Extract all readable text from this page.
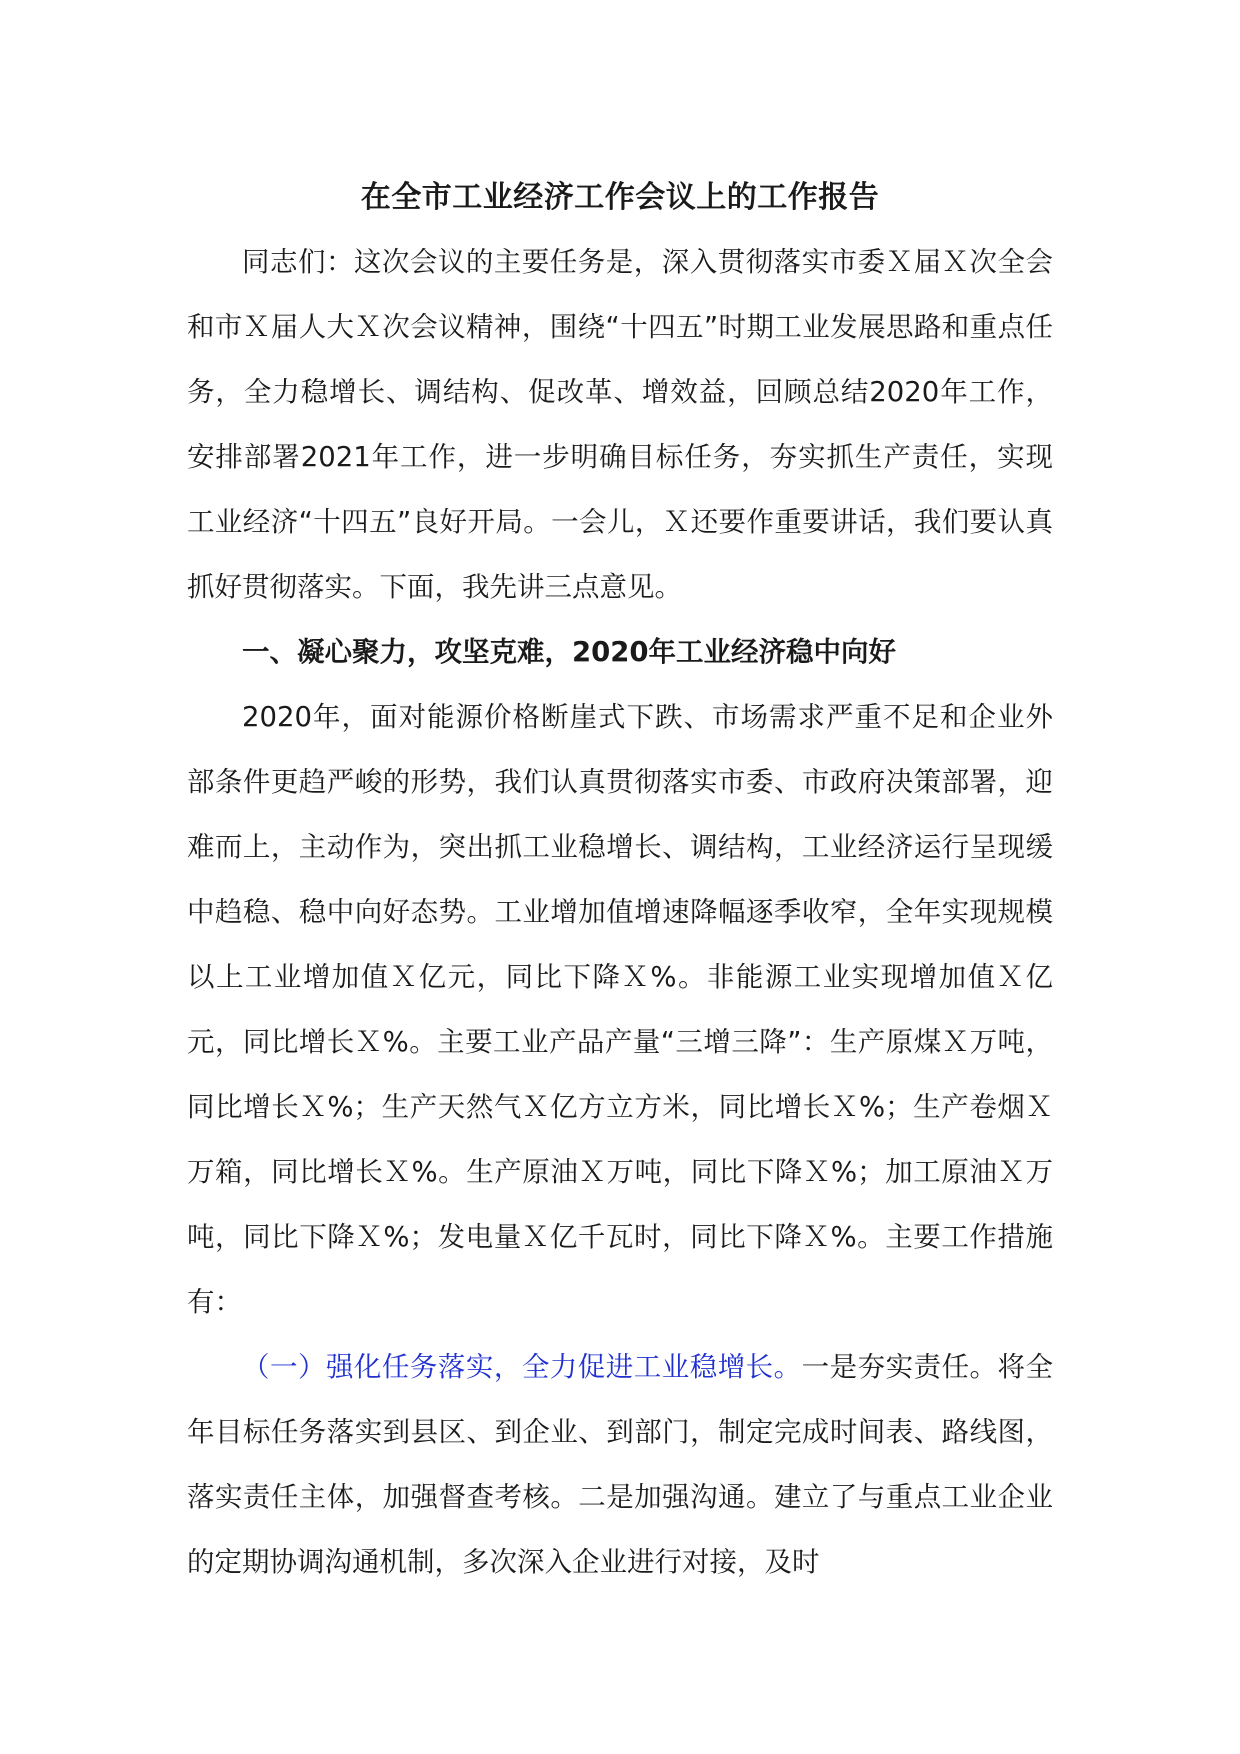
在全市工业经济工作会议上的工作报告

同志们：这次会议的主要任务是，深入贯彻落实市委Ｘ届Ｘ次全会和市Ｘ届人大Ｘ次会议精神，围绕“十四五”时期工业发展思路和重点任务，全力稳增长、调结构、促改革、增效益，回顾总结2020年工作，安排部署2021年工作，进一步明确目标任务，夯实抓生产责任，实现工业经济“十四五”良好开局。一会儿，Ｘ还要作重要讲话，我们要认真抓好贯彻落实。下面，我先讲三点意见。

一、凝心聚力，攻坚克难，2020年工业经济稳中向好

2020年，面对能源价格断崖式下跌、市场需求严重不足和企业外部条件更趋严峻的形势，我们认真贯彻落实市委、市政府决策部署，迎难而上，主动作为，突出抓工业稳增长、调结构，工业经济运行呈现缓中趋稳、稳中向好态势。工业增加值增速降幅逐季收窄，全年实现规模以上工业增加值Ｘ亿元，同比下降Ｘ%。非能源工业实现增加值Ｘ亿元，同比增长Ｘ%。主要工业产品产量“三增三降”：生产原煤Ｘ万吨，同比增长Ｘ%；生产天然气Ｘ亿方立方米，同比增长Ｘ%；生产卷烟Ｘ万箱，同比增长Ｘ%。生产原油Ｘ万吨，同比下降Ｘ%；加工原油Ｘ万吨，同比下降Ｘ%；发电量Ｘ亿千瓦时，同比下降Ｘ%。主要工作措施有：

（一）强化任务落实，全力促进工业稳增长。一是夯实责任。将全年目标任务落实到县区、到企业、到部门，制定完成时间表、路线图，落实责任主体，加强督查考核。二是加强沟通。建立了与重点工业企业的定期协调沟通机制，多次深入企业进行对接，及时
